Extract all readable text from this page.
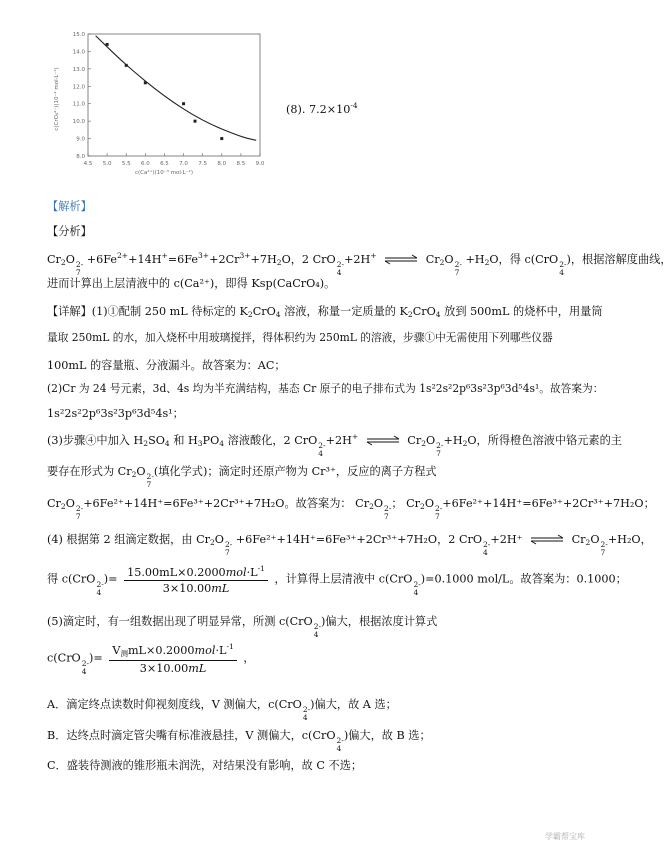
4.5 5.0 5.5 6.0 6.5 7.0 7.5 8.0 8.5 9.0
8.0
9.0
10.0
11.0
12.0
13.0
14.0
15.0
c(Ca²⁺)(10⁻³ mol·L⁻¹)
c(CrO₄²⁻)(10⁻⁴ mol·L⁻¹)	(8). $7.2\times 10^{-4}$
【解析】
【分析】
$Cr_2O$ 2-
7
$+6Fe^{2+}+14H^+=6Fe^{3+}+2Cr^{3+}+7H_2O$，2 CrO 2-
4
+2H+ ⇌ $Cr_2O$ 2-
7
$+H_2O$，得 c(CrO 2-
4
)，根据溶解度曲线，
进而计算出上层清液中的 c(Ca²⁺)，即得 Ksp(CaCrO₄)。
【详解】(1)①配制 250 mL 待标定的 $K_2CrO_4$ 溶液，称量一定质量的 $K_2CrO_4$ 放到 500mL 的烧杯中，用量筒
量取 250mL 的水，加入烧杯中用玻璃搅拌，得体积约为 250mL 的溶液，步骤①中无需使用下列哪些仪器
100mL 的容量瓶、分液漏斗。故答案为：AC；
(2)Cr 为 24 号元素，3d、4s 均为半充满结构，基态 Cr 原子的电子排布式为 1s²2s²2p⁶3s²3p⁶3d⁵4s¹。故答案为：
1s²2s²2p⁶3s²3p⁶3d⁵4s¹；
(3)步骤④中加入 $H_2SO_4$ 和 $H_3PO_4$ 溶液酸化，2 CrO 2-
4
+2H+ ⇌ $Cr_2O$ 2-
7
$+H_2O$，所得橙色溶液中铬元素的主
要存在形式为 $Cr_2O$ 2-
7
(填化学式)；滴定时还原产物为 Cr³⁺，反应的离子方程式
$Cr_2O$ 2-
7
+6Fe²⁺+14H⁺=6Fe³⁺+2Cr³⁺+7H₂O。故答案为： $Cr_2O$ 2-
7
； $Cr_2O$ 2-
7
+6Fe²⁺+14H⁺=6Fe³⁺+2Cr³⁺+7H₂O；
(4) 根据第 2 组滴定数据，由 $Cr_2O$ 2-
7
+6Fe²⁺+14H⁺=6Fe³⁺+2Cr³⁺+7H₂O，2 CrO 2-
4
+2H⁺ ⇌ $Cr_2O$ 2-
7
+H₂O，
得 c(CrO 2-
4
)= $\frac{15.00mL\times 0.2000mol\cdot L^{-1}}{3\times 10.00mL}$ ，计算得上层清液中 c(CrO 2-
4
)=0.1000 mol/L。故答案为：0.1000；
(5)滴定时，有一组数据出现了明显异常，所测 c(CrO 2-
4
)偏大，根据浓度计算式
c(CrO 2-
4
)= $\frac{V_测mL\times 0.2000mol\cdot L^{-1}}{3\times 10.00mL}$ ，
A．滴定终点读数时仰视刻度线，V 测偏大，c(CrO 2-
4
)偏大，故 A 选；
B．达终点时滴定管尖嘴有标准液悬挂，V 测偏大，c(CrO 2-
4
)偏大，故 B 选；
C．盛装待测液的锥形瓶未润洗，对结果没有影响，故 C 不选；
学霸帮宝库
